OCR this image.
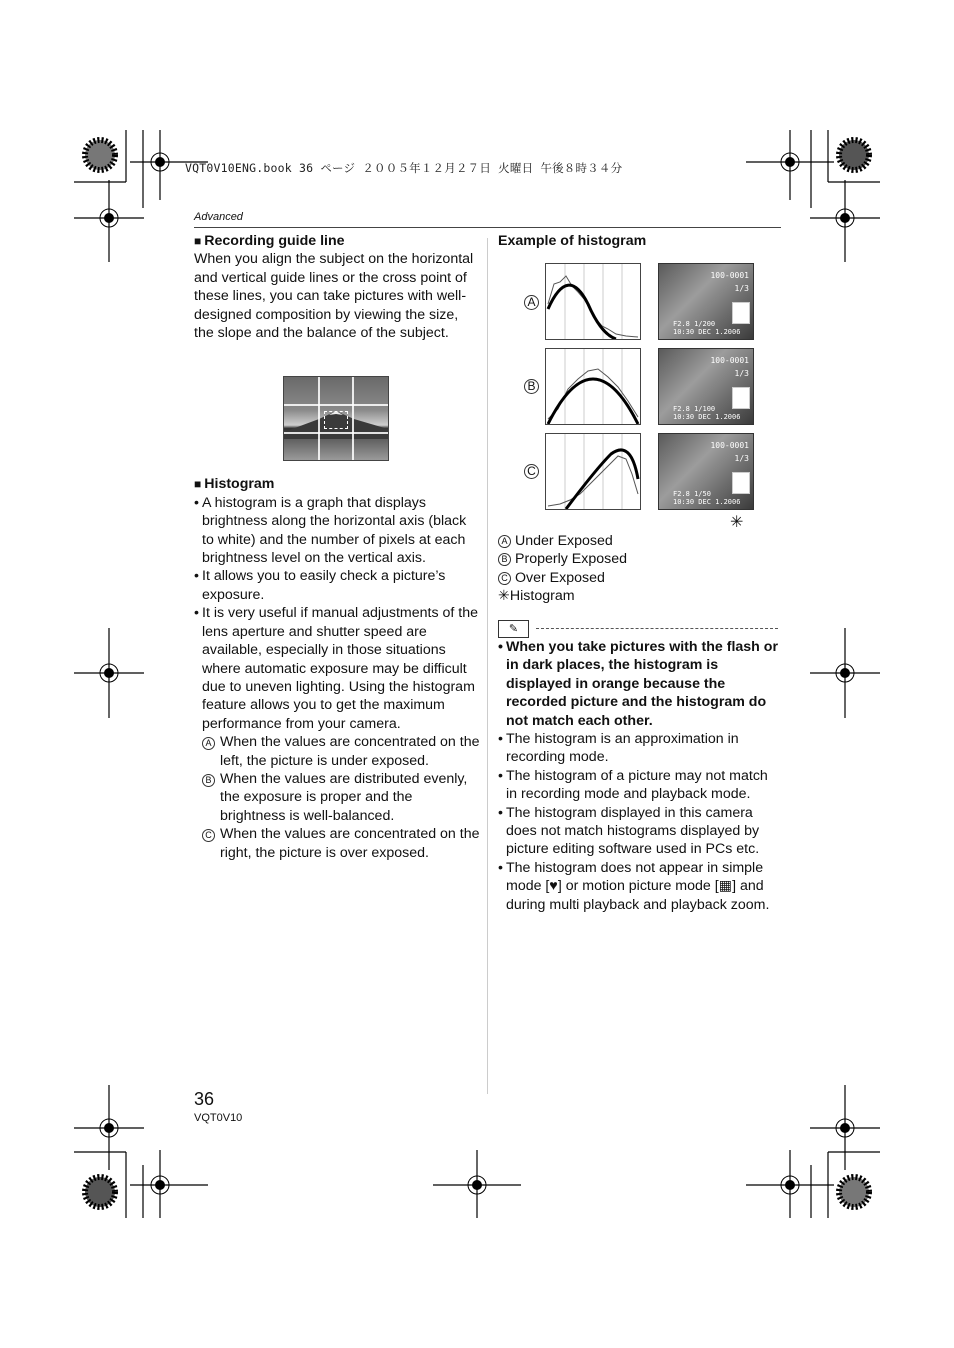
VQT0V10ENG.book 36 ページ ２００５年１２月２７日 火曜日 午後８時３４分
Advanced
■ Recording guide line

When you align the subject on the horizontal and vertical guide lines or the cross point of these lines, you can take pictures with well-designed composition by viewing the size, the slope and the balance of the subject.

■ Histogram

• A histogram is a graph that displays brightness along the horizontal axis (black to white) and the number of pixels at each brightness level on the vertical axis.

• It allows you to easily check a picture’s exposure.

• It is very useful if manual adjustments of the lens aperture and shutter speed are available, especially in those situations where automatic exposure may be difficult due to uneven lighting. Using the histogram feature allows you to get the maximum performance from your camera.

A When the values are concentrated on the left, the picture is under exposed.

B When the values are distributed evenly, the exposure is proper and the brightness is well-balanced.

C When the values are concentrated on the right, the picture is over exposed.

Example of histogram
A
B
C
100-0001
1/3
F2.8 1/200
10:30 DEC 1.2006
100-0001
1/3
F2.8 1/100
10:30 DEC 1.2006
100-0001
1/3
F2.8 1/50
10:30 DEC 1.2006
✳

A Under Exposed

B Properly Exposed

C Over Exposed

✳Histogram

✎

• When you take pictures with the flash or in dark places, the histogram is displayed in orange because the recorded picture and the histogram do not match each other.

• The histogram is an approximation in recording mode.

• The histogram of a picture may not match in recording mode and playback mode.

• The histogram displayed in this camera does not match histograms displayed by picture editing software used in PCs etc.

• The histogram does not appear in simple mode [♥] or motion picture mode [▦] and during multi playback and playback zoom.

36
VQT0V10
